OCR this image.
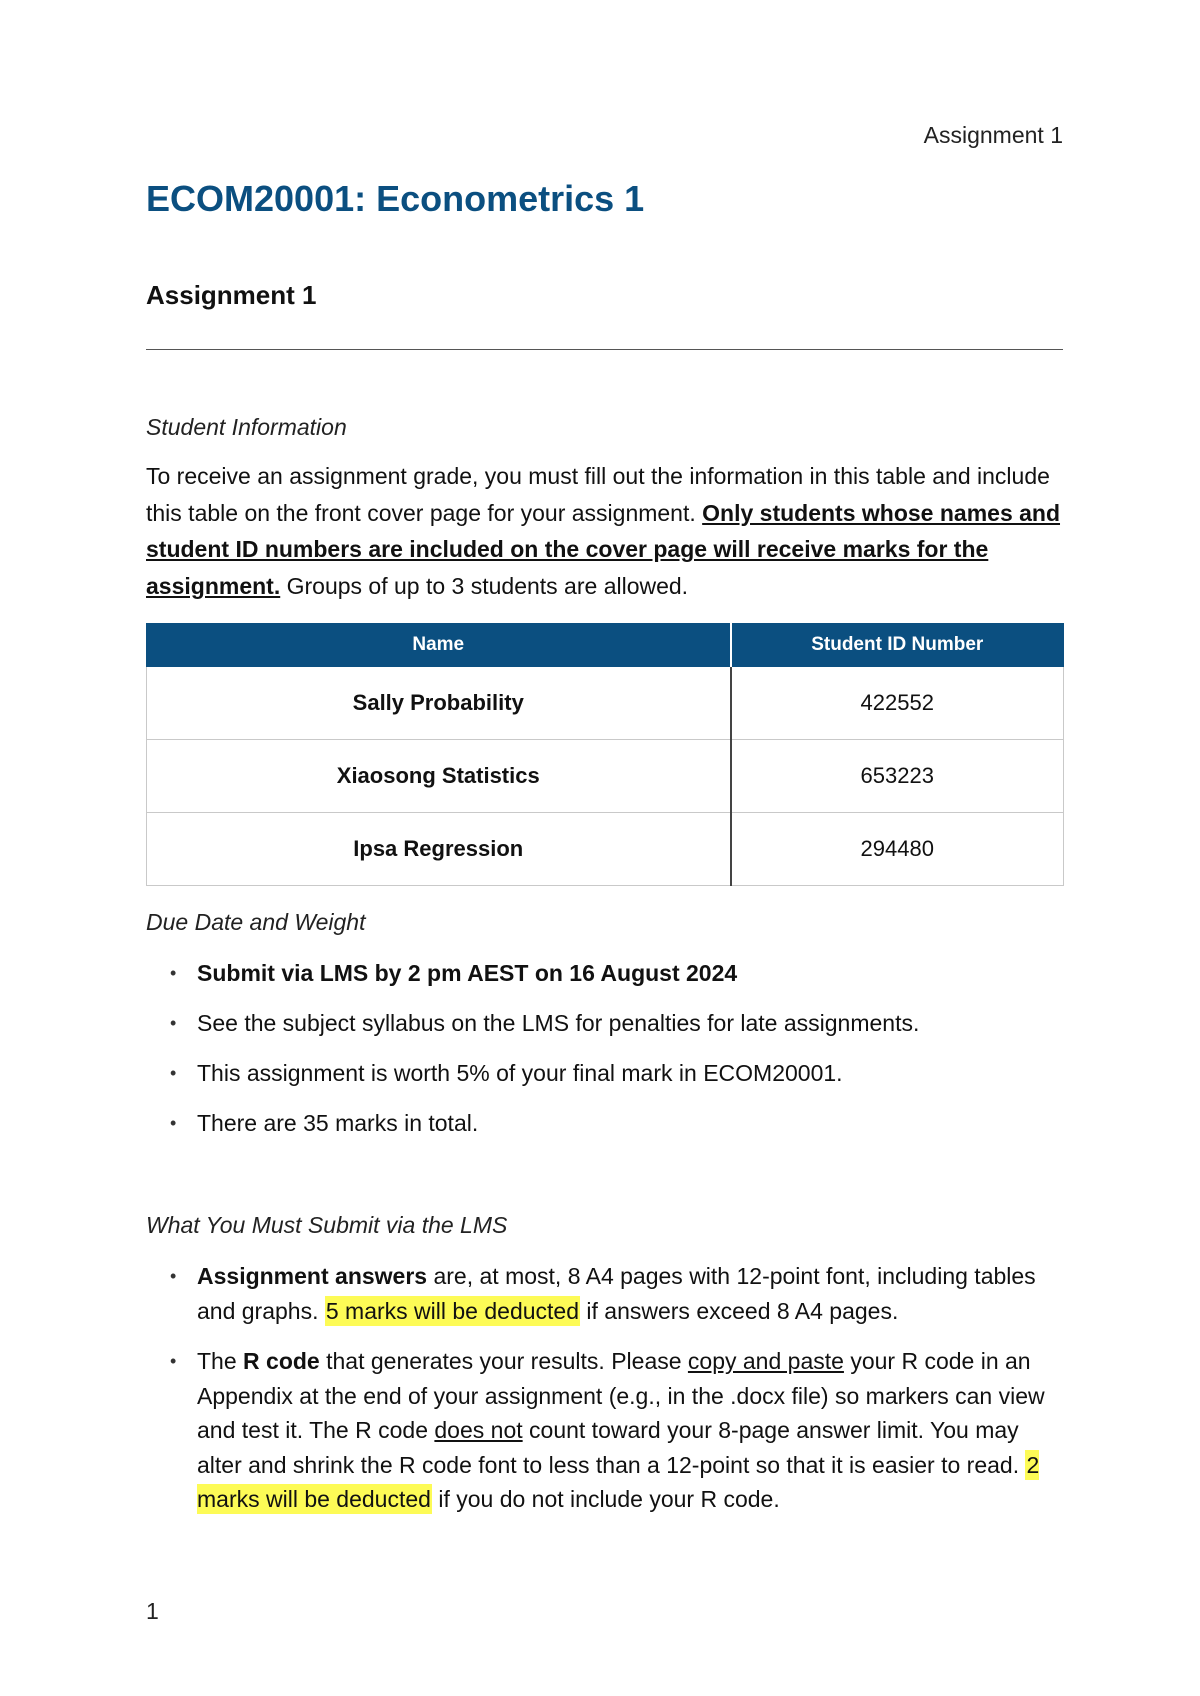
Assignment 1
ECOM20001: Econometrics 1
Assignment 1
Student Information

To receive an assignment grade, you must fill out the information in this table and include this table on the front cover page for your assignment. Only students whose names and student ID numbers are included on the cover page will receive marks for the assignment. Groups of up to 3 students are allowed.

Name	Student ID Number
Sally Probability	422552
Xiaosong Statistics	653223
Ipsa Regression	294480
Due Date and Weight
• Submit via LMS by 2 pm AEST on 16 August 2024
• See the subject syllabus on the LMS for penalties for late assignments.
• This assignment is worth 5% of your final mark in ECOM20001.
• There are 35 marks in total.
What You Must Submit via the LMS
• Assignment answers are, at most, 8 A4 pages with 12-point font, including tables and graphs. 5 marks will be deducted if answers exceed 8 A4 pages.
• The R code that generates your results. Please copy and paste your R code in an Appendix at the end of your assignment (e.g., in the .docx file) so markers can view and test it. The R code does not count toward your 8-page answer limit. You may alter and shrink the R code font to less than a 12-point so that it is easier to read. 2 marks will be deducted if you do not include your R code.
1
